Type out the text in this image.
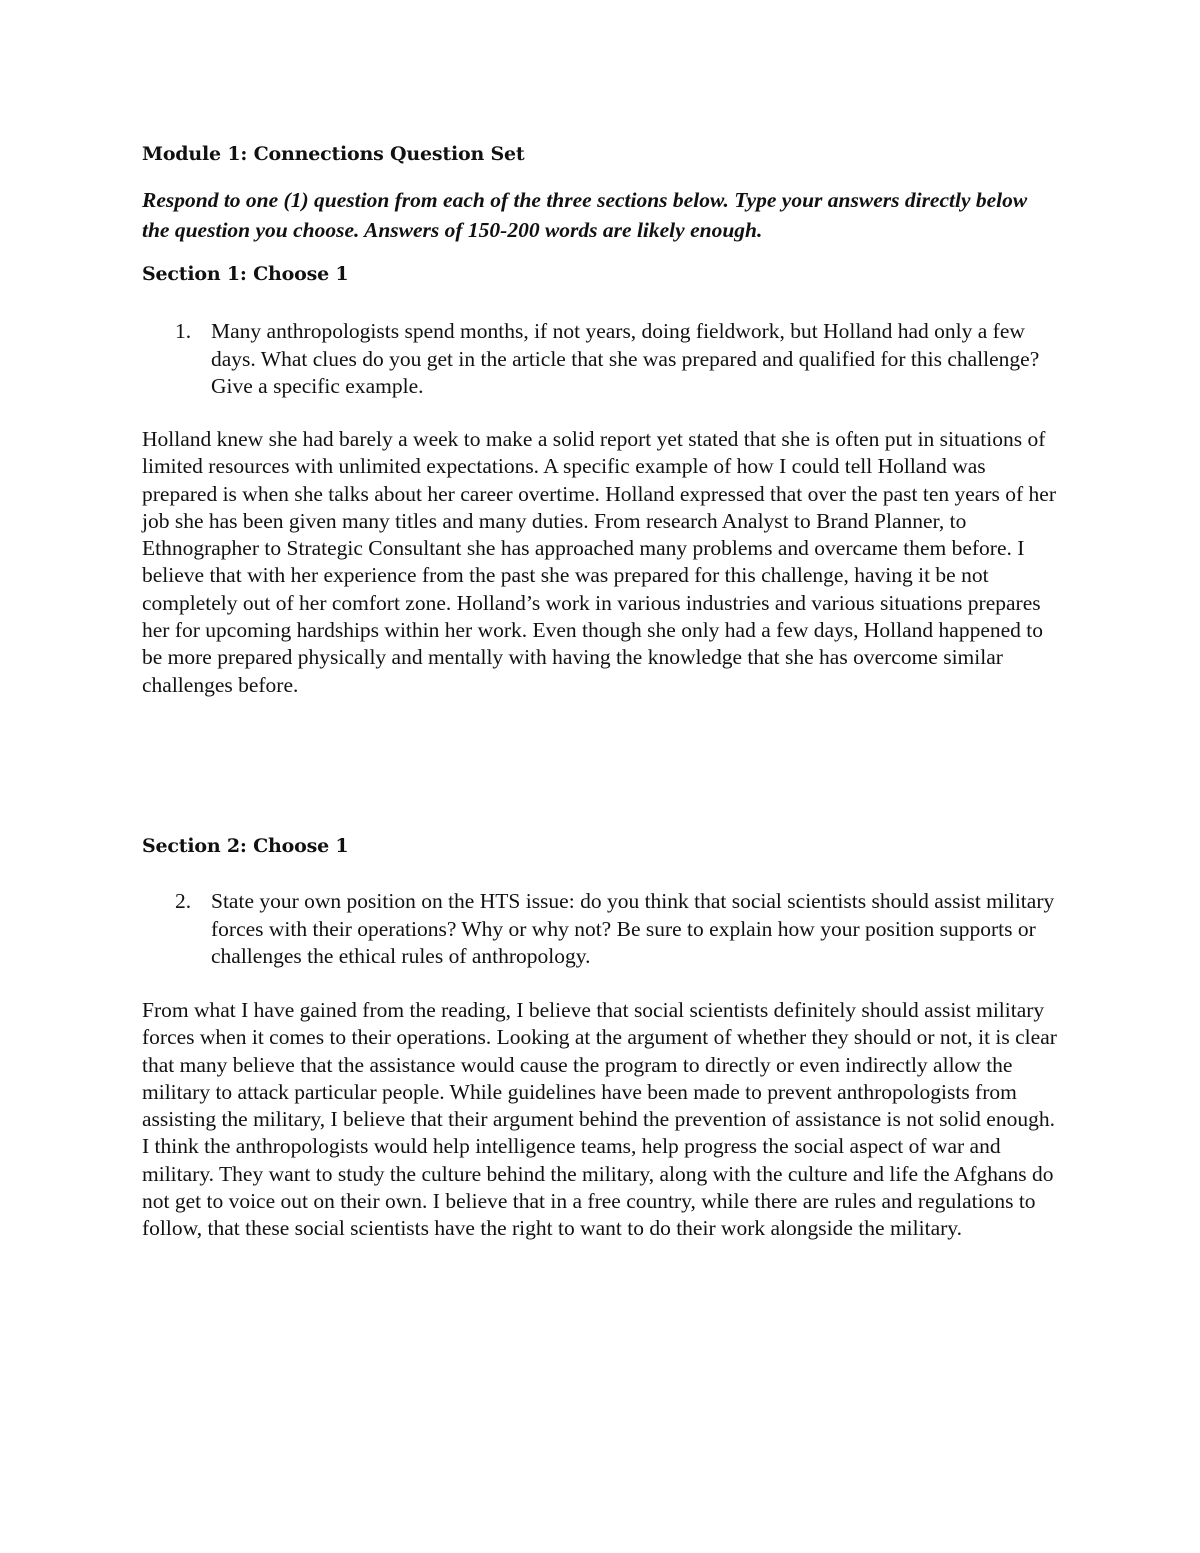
Module 1: Connections Question Set
Respond to one (1) question from each of the three sections below. Type your answers directly below the question you choose. Answers of 150-200 words are likely enough.
Section 1: Choose 1
1. Many anthropologists spend months, if not years, doing fieldwork, but Holland had only a few days. What clues do you get in the article that she was prepared and qualified for this challenge? Give a specific example.
Holland knew she had barely a week to make a solid report yet stated that she is often put in situations of limited resources with unlimited expectations. A specific example of how I could tell Holland was prepared is when she talks about her career overtime. Holland expressed that over the past ten years of her job she has been given many titles and many duties. From research Analyst to Brand Planner, to Ethnographer to Strategic Consultant she has approached many problems and overcame them before. I believe that with her experience from the past she was prepared for this challenge, having it be not completely out of her comfort zone. Holland’s work in various industries and various situations prepares her for upcoming hardships within her work. Even though she only had a few days, Holland happened to be more prepared physically and mentally with having the knowledge that she has overcome similar challenges before.
Section 2: Choose 1
2. State your own position on the HTS issue: do you think that social scientists should assist military forces with their operations? Why or why not? Be sure to explain how your position supports or challenges the ethical rules of anthropology.
From what I have gained from the reading, I believe that social scientists definitely should assist military forces when it comes to their operations. Looking at the argument of whether they should or not, it is clear that many believe that the assistance would cause the program to directly or even indirectly allow the military to attack particular people. While guidelines have been made to prevent anthropologists from assisting the military, I believe that their argument behind the prevention of assistance is not solid enough. I think the anthropologists would help intelligence teams, help progress the social aspect of war and military. They want to study the culture behind the military, along with the culture and life the Afghans do not get to voice out on their own. I believe that in a free country, while there are rules and regulations to follow, that these social scientists have the right to want to do their work alongside the military.
